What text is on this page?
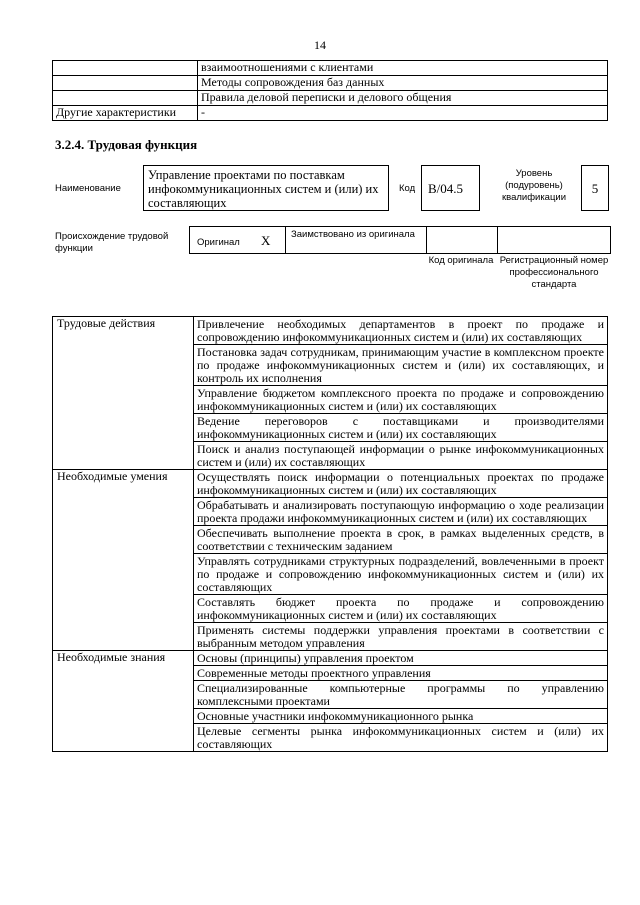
14
	взаимоотношениями с клиентами
	Методы сопровождения баз данных
	Правила деловой переписки и делового общения
Другие характеристики	-
3.2.4. Трудовая функция
Наименование
Управление проектами по поставкам инфокоммуникационных систем и (или) их составляющих
Код B/04.5
Уровень (подуровень) квалификации
5
Происхождение трудовой функции
Оригинал X Заимствовано из оригинала
Код оригинала Регистрационный номер профессионального стандарта
Трудовые действия	Привлечение необходимых департаментов в проект по продаже и сопровождению инфокоммуникационных систем и (или) их составляющих
	Постановка задач сотрудникам, принимающим участие в комплексном проекте по продаже инфокоммуникационных систем и (или) их составляющих, и контроль их исполнения
	Управление бюджетом комплексного проекта по продаже и сопровождению инфокоммуникационных систем и (или) их составляющих
	Ведение переговоров с поставщиками и производителями инфокоммуникационных систем и (или) их составляющих
	Поиск и анализ поступающей информации о рынке инфокоммуникационных систем и (или) их составляющих
Необходимые умения	Осуществлять поиск информации о потенциальных проектах по продаже инфокоммуникационных систем и (или) их составляющих
	Обрабатывать и анализировать поступающую информацию о ходе реализации проекта продажи инфокоммуникационных систем и (или) их составляющих
	Обеспечивать выполнение проекта в срок, в рамках выделенных средств, в соответствии с техническим заданием
	Управлять сотрудниками структурных подразделений, вовлеченными в проект по продаже и сопровождению инфокоммуникационных систем и (или) их составляющих
	Составлять бюджет проекта по продаже и сопровождению инфокоммуникационных систем и (или) их составляющих
	Применять системы поддержки управления проектами в соответствии с выбранным методом управления
Необходимые знания	Основы (принципы) управления проектом
	Современные методы проектного управления
	Специализированные компьютерные программы по управлению комплексными проектами
	Основные участники инфокоммуникационного рынка
	Целевые сегменты рынка инфокоммуникационных систем и (или) их составляющих
